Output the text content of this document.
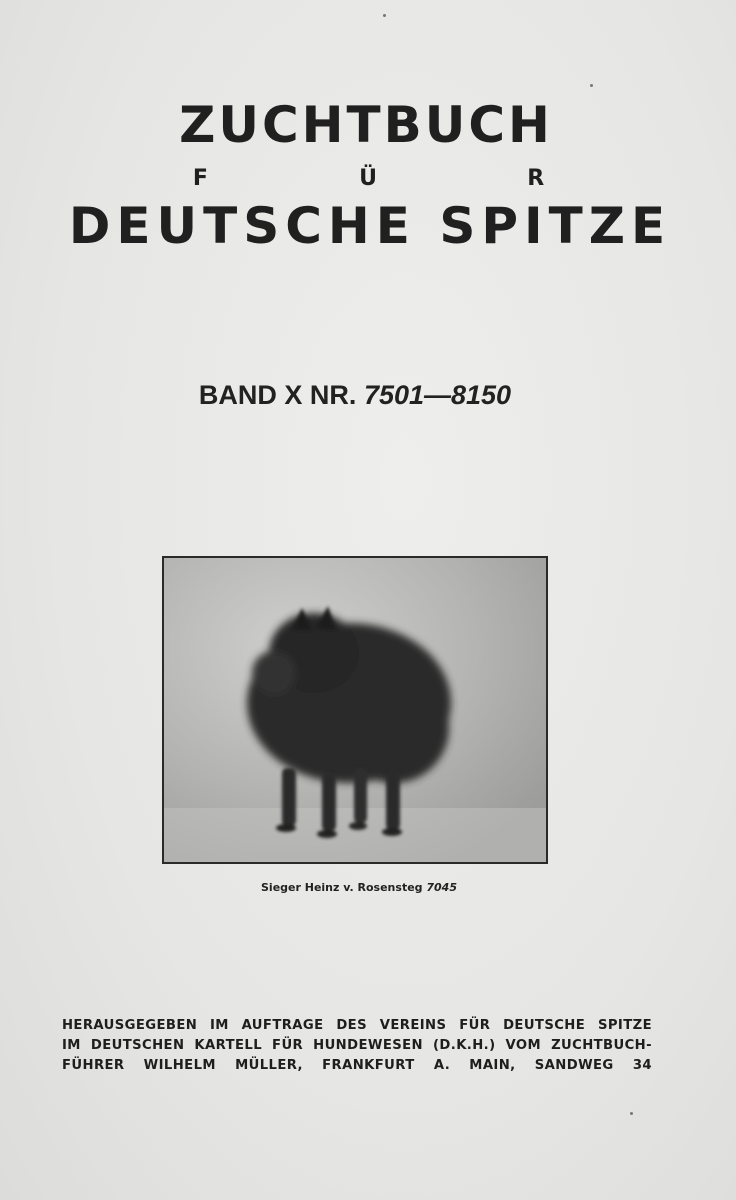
ZUCHTBUCH
F	Ü	R
DEUTSCHE SPITZE
BAND X NR. 7501—8150
Sieger Heinz v. Rosensteg 7045
HERAUSGEGEBEN IM AUFTRAGE DES VEREINS FÜR DEUTSCHE SPITZE
IM DEUTSCHEN KARTELL FÜR HUNDEWESEN (D.K.H.) VOM ZUCHTBUCH-
FÜHRER WILHELM MÜLLER, FRANKFURT A. MAIN, SANDWEG 34
